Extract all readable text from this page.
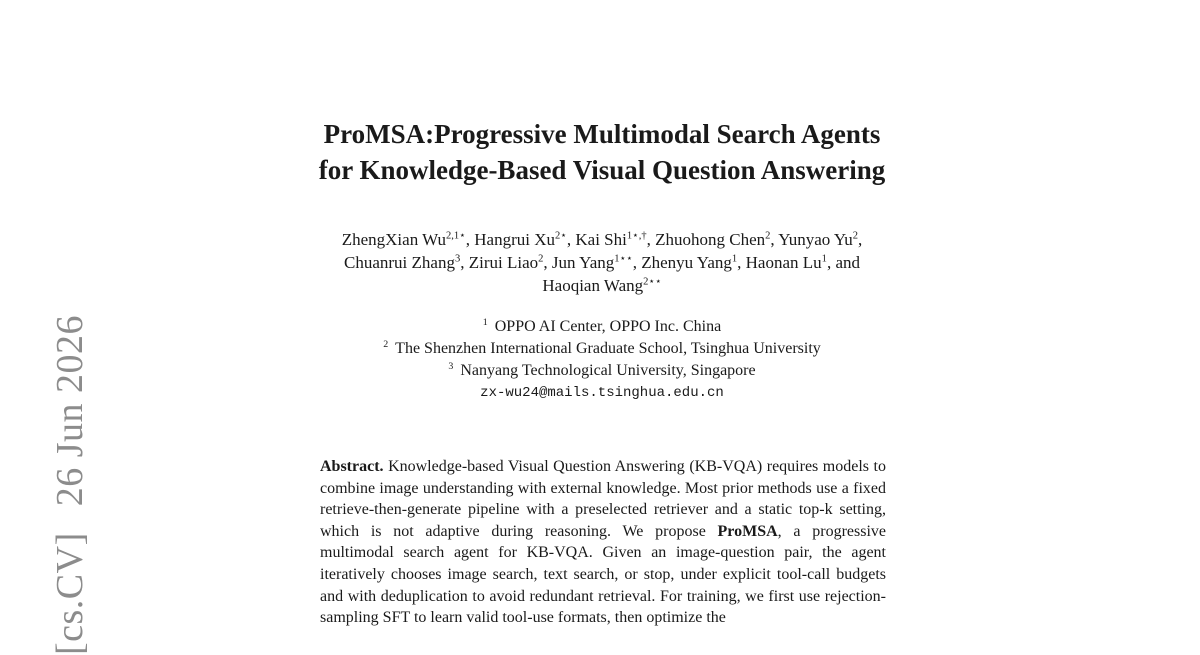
[cs.CV]26 Jun 2026
ProMSA:Progressive Multimodal Search Agents
for Knowledge-Based Visual Question Answering
ZhengXian $Wu^{2,1⋆}$, Hangrui $Xu^{2⋆}$, Kai Shi$^{1⋆,\dagger}$, Zhuohong Chen$^2$, Yunyao Yu$^2$,
Chuanrui Zhang$^3$, Zirui Liao$^2$, Jun Yang$^{1⋆⋆}$, Zhenyu Yang$^1$, Haonan Lu$^1$, and
Haoqian Wang$^{2⋆⋆}$
$^1$ OPPO AI Center, OPPO Inc. China
$^2$ The Shenzhen International Graduate School, Tsinghua University
$^3$ Nanyang Technological University, Singapore
zx-wu24@mails.tsinghua.edu.cn
Abstract. Knowledge-based Visual Question Answering (KB-VQA) requires models to combine image understanding with external knowledge. Most prior methods use a fixed retrieve-then-generate pipeline with a preselected retriever and a static top-k setting, which is not adaptive during reasoning. We propose ProMSA, a progressive multimodal search agent for KB-VQA. Given an image-question pair, the agent iteratively chooses image search, text search, or stop, under explicit tool-call budgets and with deduplication to avoid redundant retrieval. For training, we first use rejection-sampling SFT to learn valid tool-use formats, then optimize the
